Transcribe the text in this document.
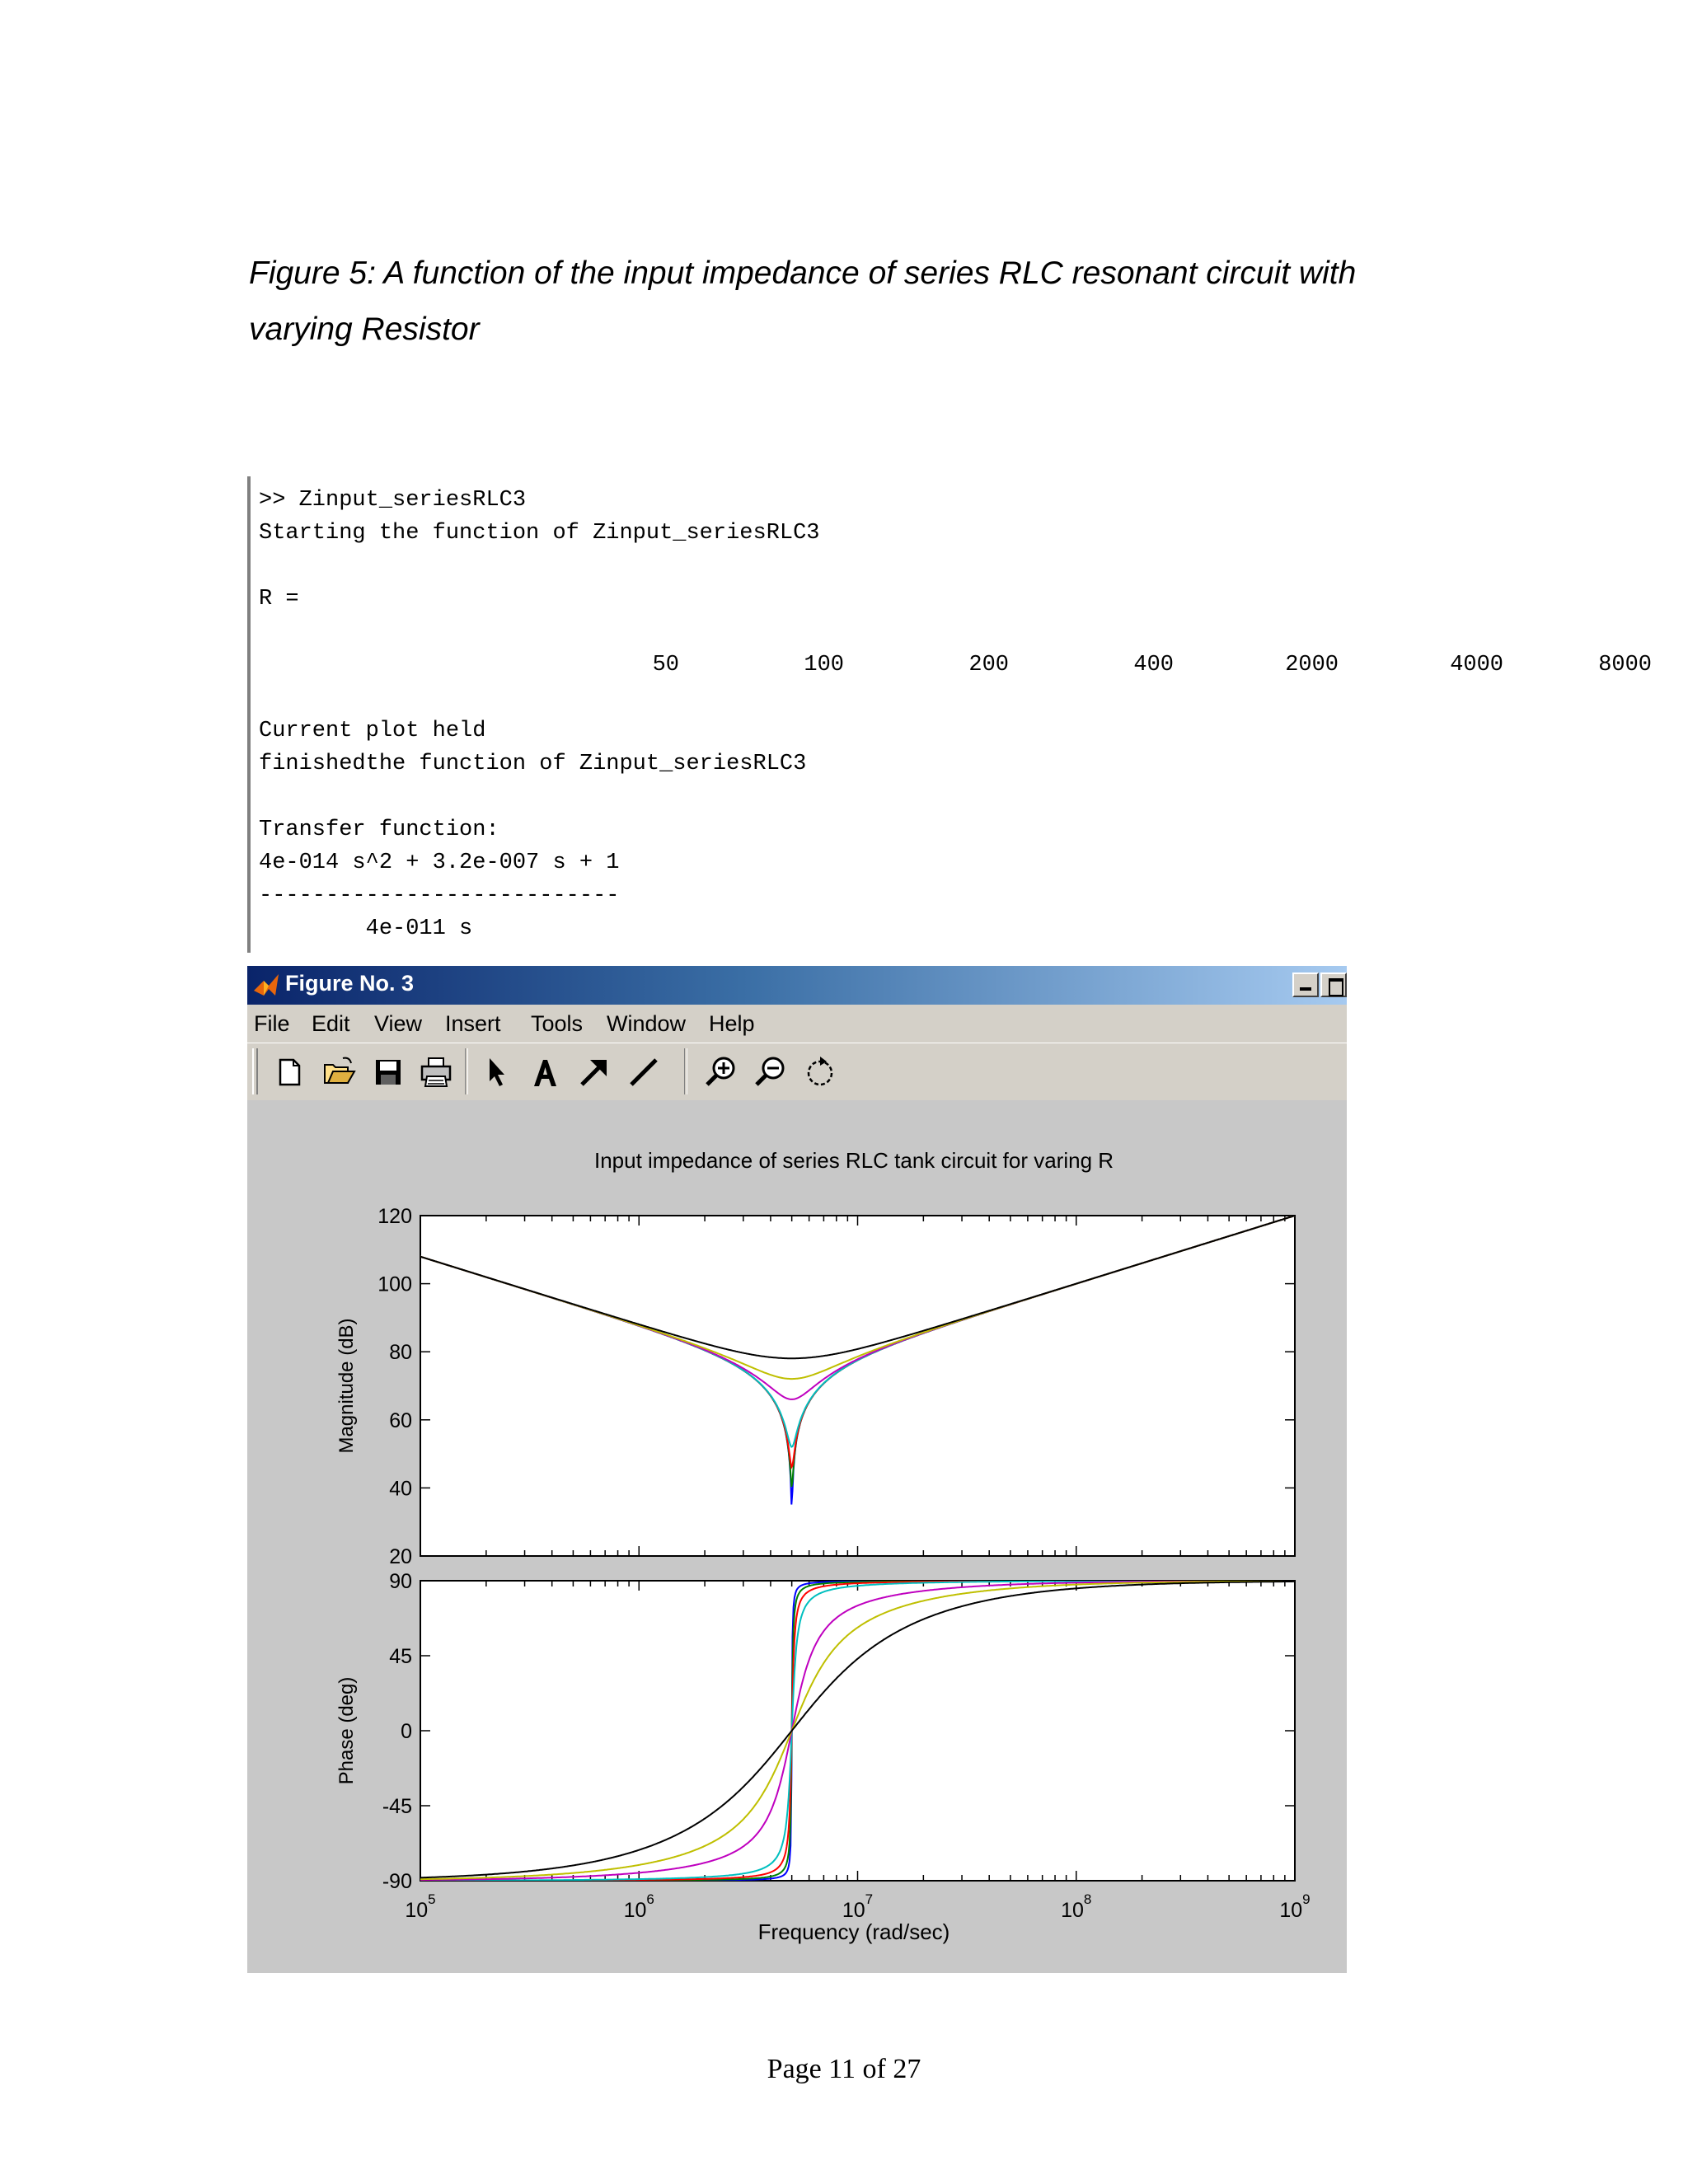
Figure 5: A function of the input impedance of series RLC resonant circuit with
varying Resistor
>> Zinput_seriesRLC3
Starting the function of Zinput_seriesRLC3
R =
50	100	200	400	2000	4000	8000
Current plot held
finishedthe function of Zinput_seriesRLC3
Transfer function:
4e-014 s^2 + 3.2e-007 s + 1
---------------------------
4e-011 s
Figure No. 3
File Edit View Insert Tools Window Help
Input impedance of series RLC tank circuit for varing R
20
40
60
80
100
120
Magnitude (dB)
-90
-45
0
45
90
Phase (deg)
$10^5$	$10^6$	$10^7$	$10^8$	$10^9$
Frequency (rad/sec)
Page 11 of 27
